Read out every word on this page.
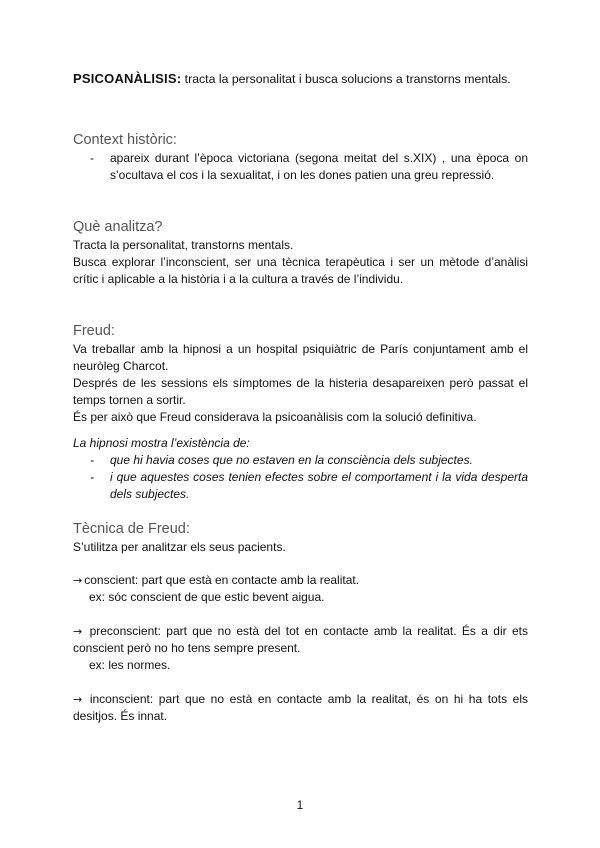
PSICOANÀLISIS: tracta la personalitat i busca solucions a transtorns mentals.

Context històric:
- apareix durant l’època victoriana (segona meitat del s.XIX) , una època on s’ocultava el cos i la sexualitat, i on les dones patien una greu repressió.
Què analitza?

Tracta la personalitat, transtorns mentals.

Busca explorar l’inconscient, ser una tècnica terapèutica i ser un mètode d’anàlisi crític i aplicable a la història i a la cultura a través de l’individu.

Freud:

Va treballar amb la hipnosi a un hospital psiquiàtric de París conjuntament amb el neuròleg Charcot.

Després de les sessions els símptomes de la histeria desapareixen però passat el temps tornen a sortir.

És per això que Freud considerava la psicoanàlisis com la solució definitiva.

La hipnosi mostra l’existència de:

- que hi havia coses que no estaven en la consciència dels subjectes.
- i que aquestes coses tenien efectes sobre el comportament i la vida desperta dels subjectes.
Tècnica de Freud:

S’utilitza per analitzar els seus pacients.

→ conscient: part que està en contacte amb la realitat.

ex: sóc conscient de que estic bevent aigua.

→ preconscient: part que no està del tot en contacte amb la realitat. És a dir ets conscient però no ho tens sempre present.

ex: les normes.

→ inconscient: part que no està en contacte amb la realitat, és on hi ha tots els desitjos. És innat.

1
